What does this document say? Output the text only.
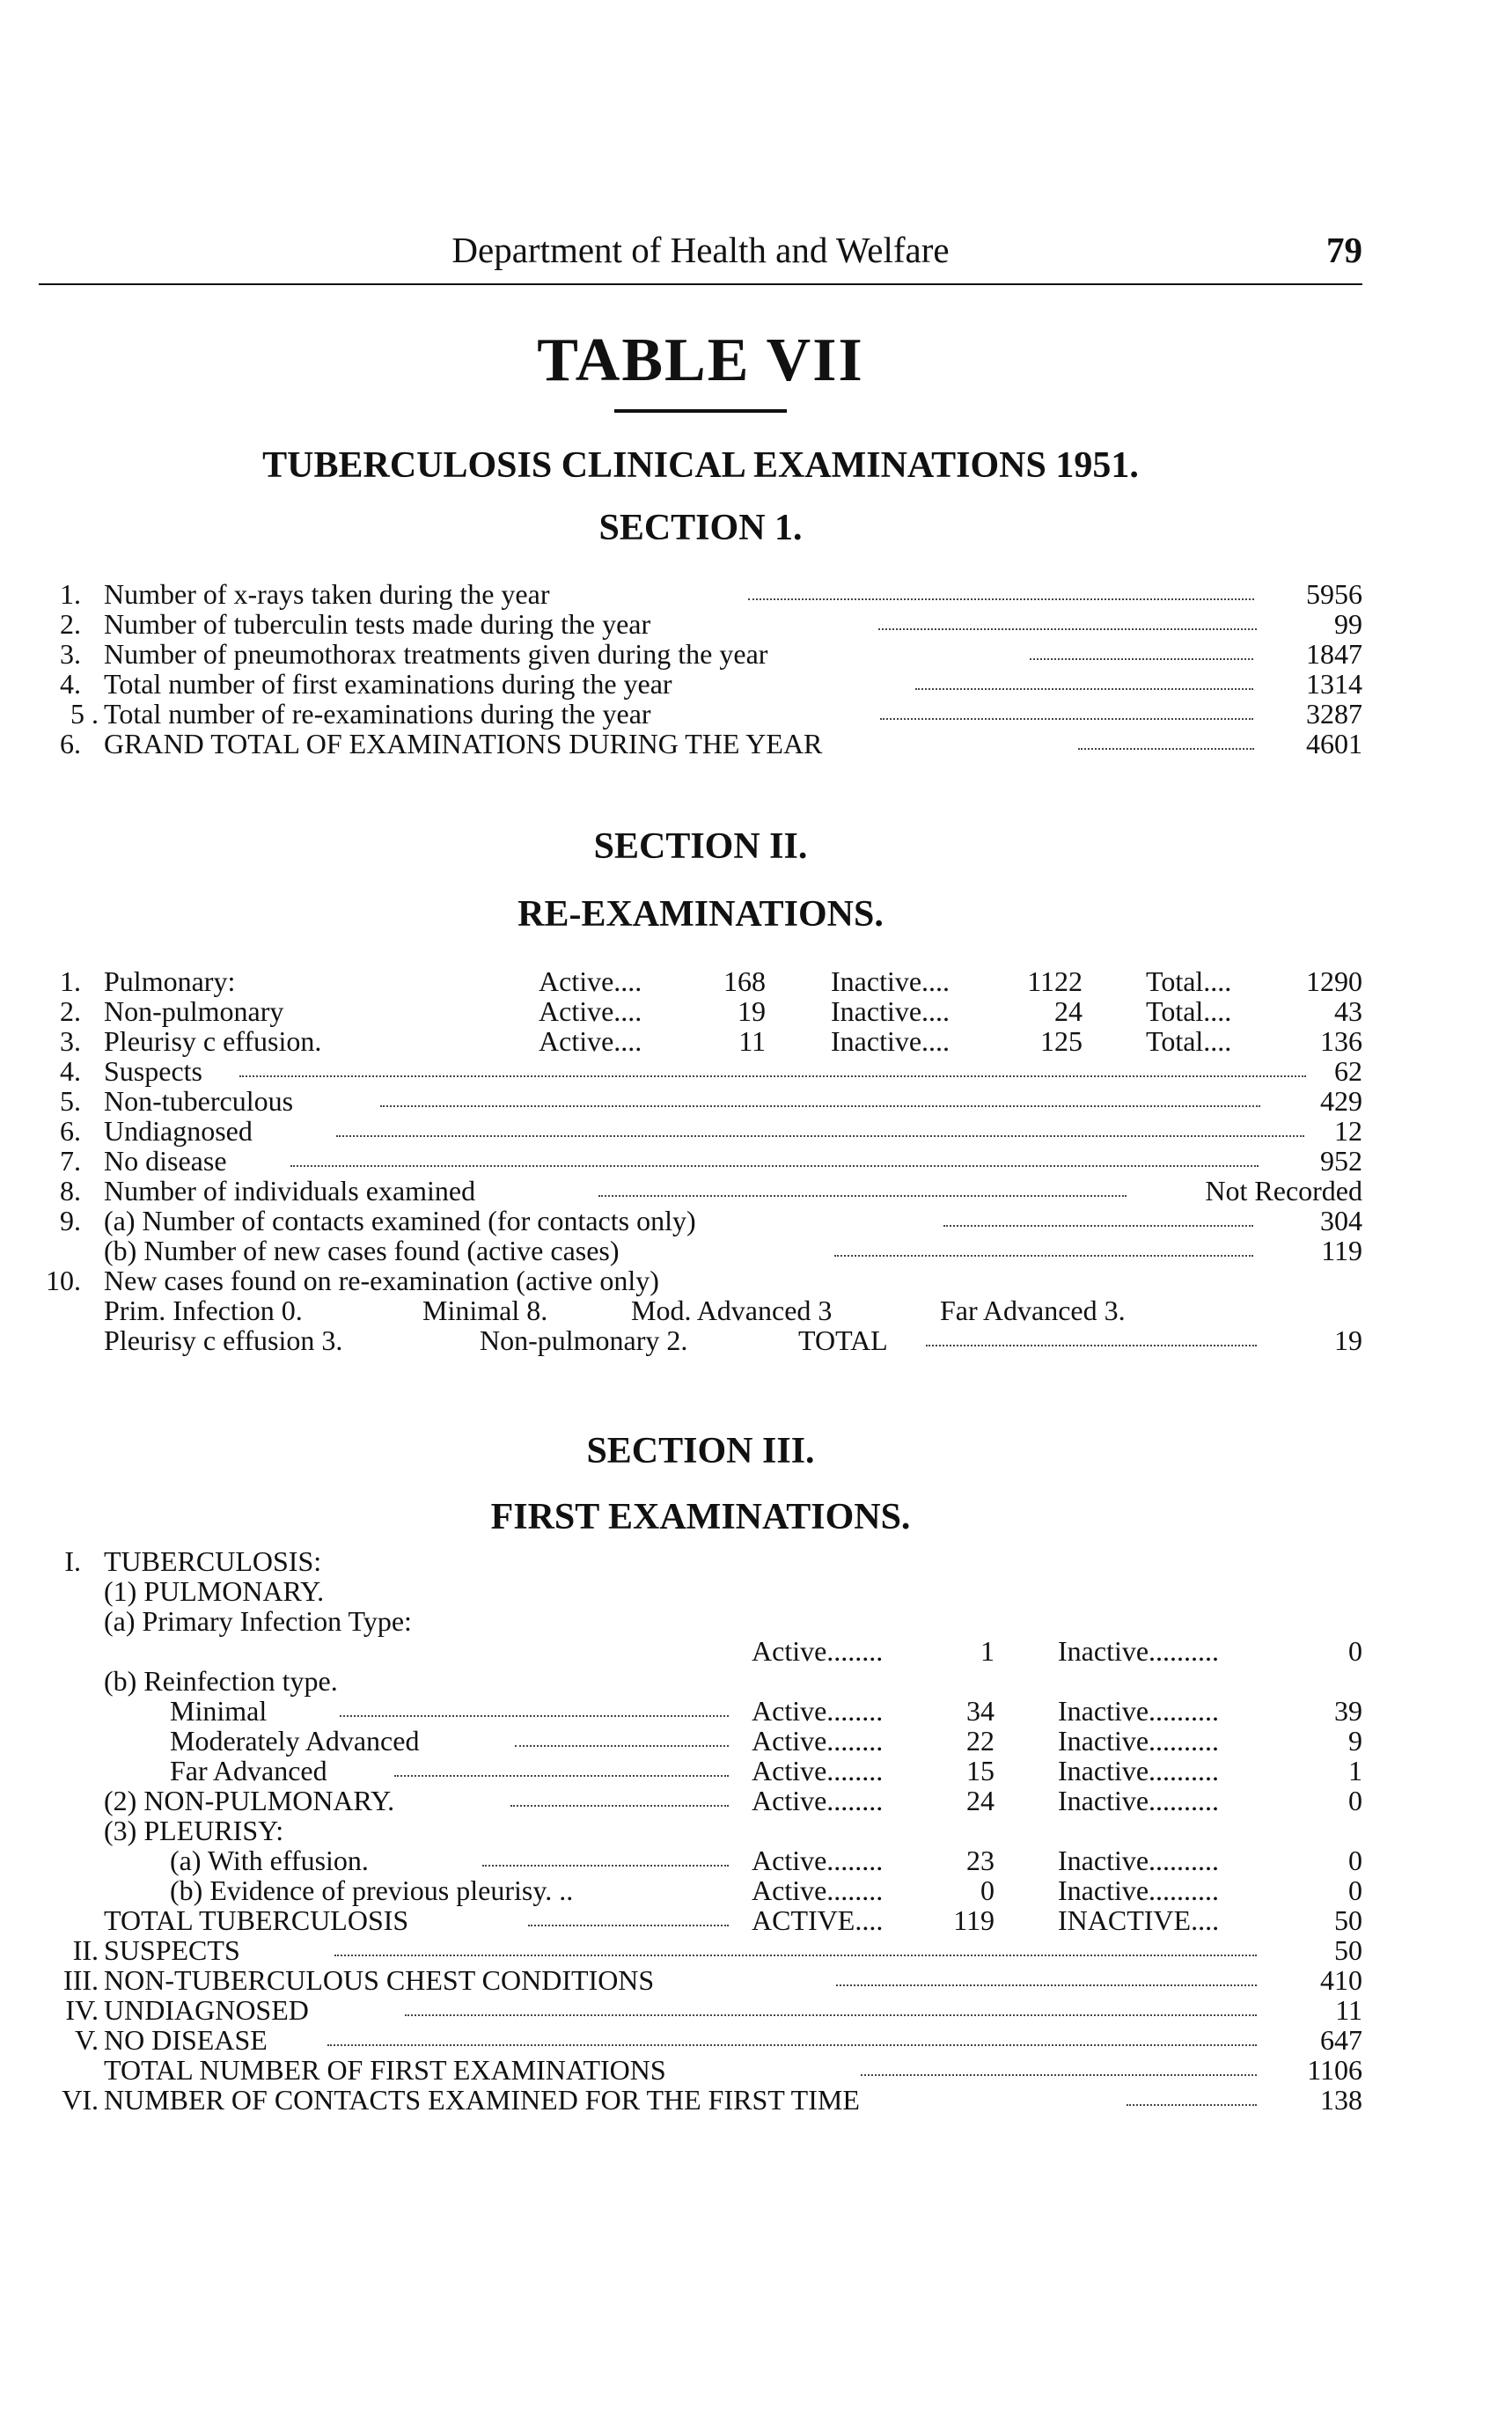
Department of Health and Welfare	79
TABLE VII
TUBERCULOSIS CLINICAL EXAMINATIONS 1951.
SECTION 1.
1. Number of x-rays taken during the year	5956
2. Number of tuberculin tests made during the year	99
3. Number of pneumothorax treatments given during the year	1847
4. Total number of first examinations during the year	1314
5 . Total number of re-examinations during the year	3287
6. GRAND TOTAL OF EXAMINATIONS DURING THE YEAR	4601
SECTION II.
RE-EXAMINATIONS.
1. Pulmonary:	Active....	168 Inactive....	1122 Total....	1290
2. Non-pulmonary	Active....	19 Inactive....	24 Total....	43
3. Pleurisy c effusion.	Active....	11 Inactive....	125 Total....	136
4. Suspects	62
5. Non-tuberculous	429
6. Undiagnosed	12
7. No disease	952
8. Number of individuals examined	Not Recorded
9. (a) Number of contacts examined (for contacts only)	304
(b) Number of new cases found (active cases)	119
10. New cases found on re-examination (active only)
Prim. Infection 0.	Minimal 8.	Mod. Advanced 3	Far Advanced 3.
Pleurisy c effusion 3.	Non-pulmonary 2.	TOTAL	19
SECTION III.
FIRST EXAMINATIONS.
I. TUBERCULOSIS:
(1) PULMONARY.
(a) Primary Infection Type:
Active........	1 Inactive..........	0
(b) Reinfection type.
Minimal	Active........	34 Inactive..........	39
Moderately Advanced	Active........	22 Inactive..........	9
Far Advanced	Active........	15 Inactive..........	1
(2) NON-PULMONARY.	Active........	24 Inactive..........	0
(3) PLEURISY:
(a) With effusion.	Active........	23 Inactive..........	0
(b) Evidence of previous pleurisy. ..	Active........	0 Inactive..........	0
TOTAL TUBERCULOSIS	ACTIVE....	119 INACTIVE....	50
II. SUSPECTS	50
III. NON-TUBERCULOUS CHEST CONDITIONS	410
IV. UNDIAGNOSED	11
V. NO DISEASE	647
TOTAL NUMBER OF FIRST EXAMINATIONS	1106
VI. NUMBER OF CONTACTS EXAMINED FOR THE FIRST TIME	138
